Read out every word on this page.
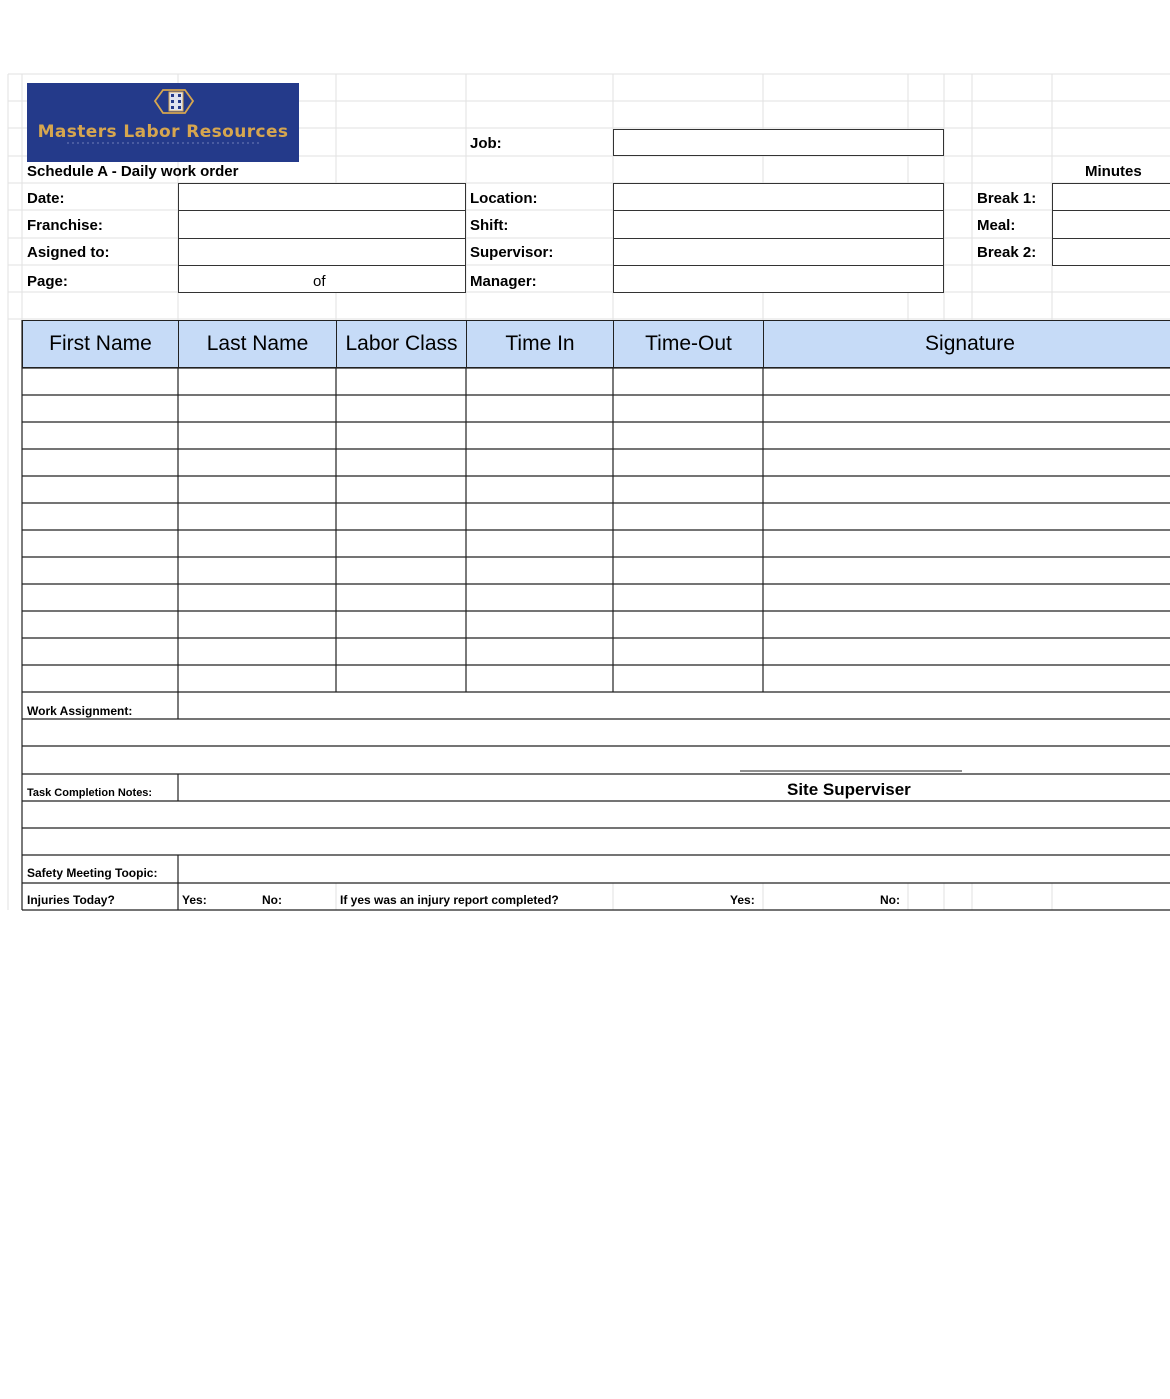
Masters Labor Resources
Job:
Schedule A - Daily work order	Minutes
Date:
Franchise:
Asigned to:
Page:	of
Location:
Shift:
Supervisor:
Manager:
Break 1:
Meal:
Break 2:
First Name	Last Name	Labor Class	Time In	Time-Out	Signature
Work Assignment:
Task Completion Notes:	Site Superviser
Safety Meeting Toopic:
Injuries Today?	Yes:	No:	If yes was an injury report completed?	Yes:	No:
